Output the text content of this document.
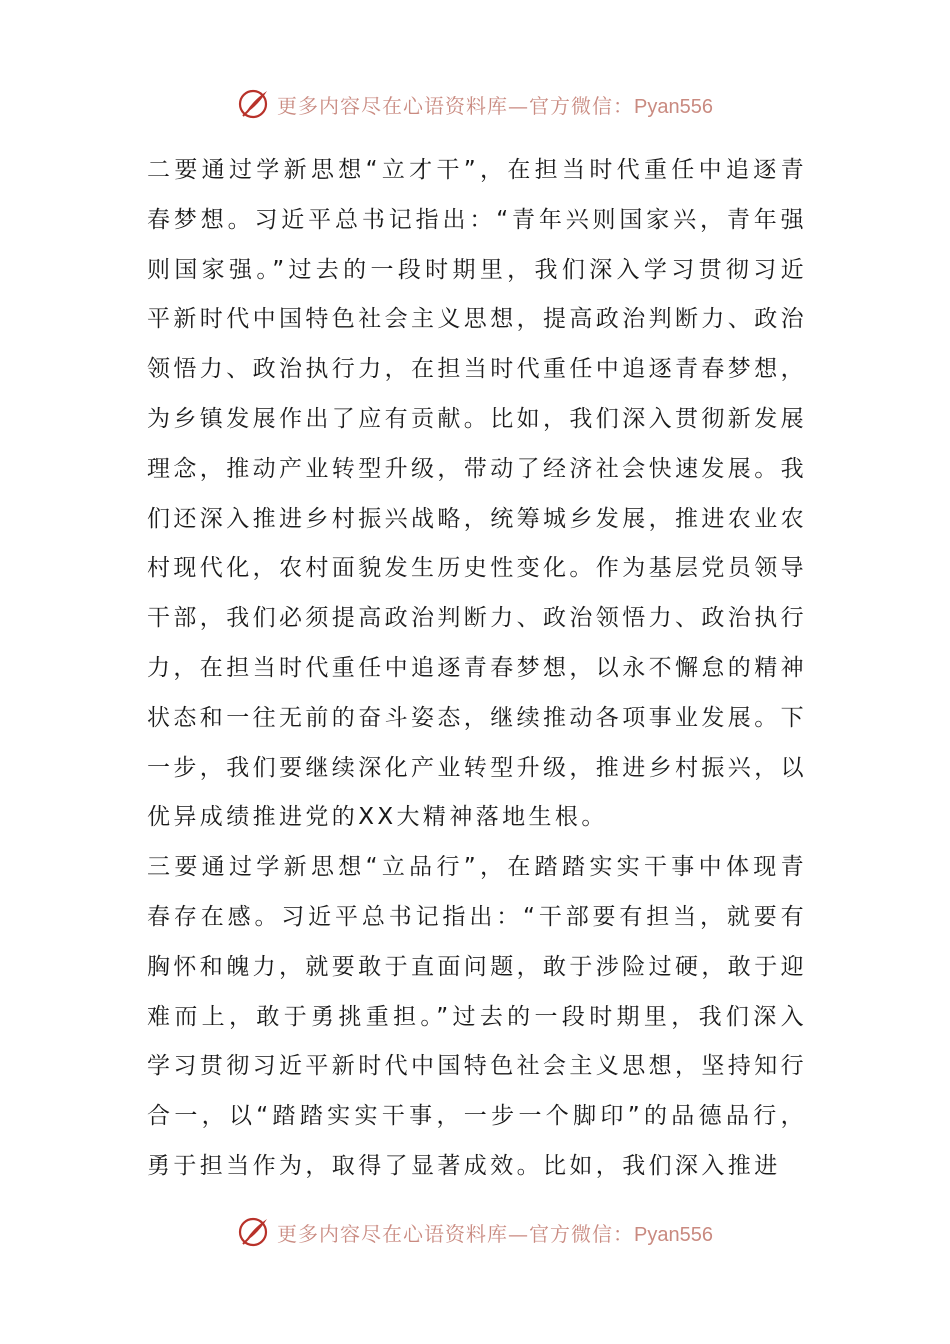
更多内容尽在心语资料库—官方微信：Pyan556

二要通过学新思想“立才干”，在担当时代重任中追逐青春梦想。习近平总书记指出：“青年兴则国家兴，青年强则国家强。”过去的一段时期里，我们深入学习贯彻习近平新时代中国特色社会主义思想，提高政治判断力、政治领悟力、政治执行力，在担当时代重任中追逐青春梦想，为乡镇发展作出了应有贡献。比如，我们深入贯彻新发展理念，推动产业转型升级，带动了经济社会快速发展。我们还深入推进乡村振兴战略，统筹城乡发展，推进农业农村现代化，农村面貌发生历史性变化。作为基层党员领导干部，我们必须提高政治判断力、政治领悟力、政治执行力，在担当时代重任中追逐青春梦想，以永不懈怠的精神状态和一往无前的奋斗姿态，继续推动各项事业发展。下一步，我们要继续深化产业转型升级，推进乡村振兴，以优异成绩推进党的XX大精神落地生根。

三要通过学新思想“立品行”，在踏踏实实干事中体现青春存在感。习近平总书记指出：“干部要有担当，就要有胸怀和魄力，就要敢于直面问题，敢于涉险过硬，敢于迎难而上，敢于勇挑重担。”过去的一段时期里，我们深入学习贯彻习近平新时代中国特色社会主义思想，坚持知行合一，以“踏踏实实干事，一步一个脚印”的品德品行，勇于担当作为，取得了显著成效。比如，我们深入推进

更多内容尽在心语资料库—官方微信：Pyan556
